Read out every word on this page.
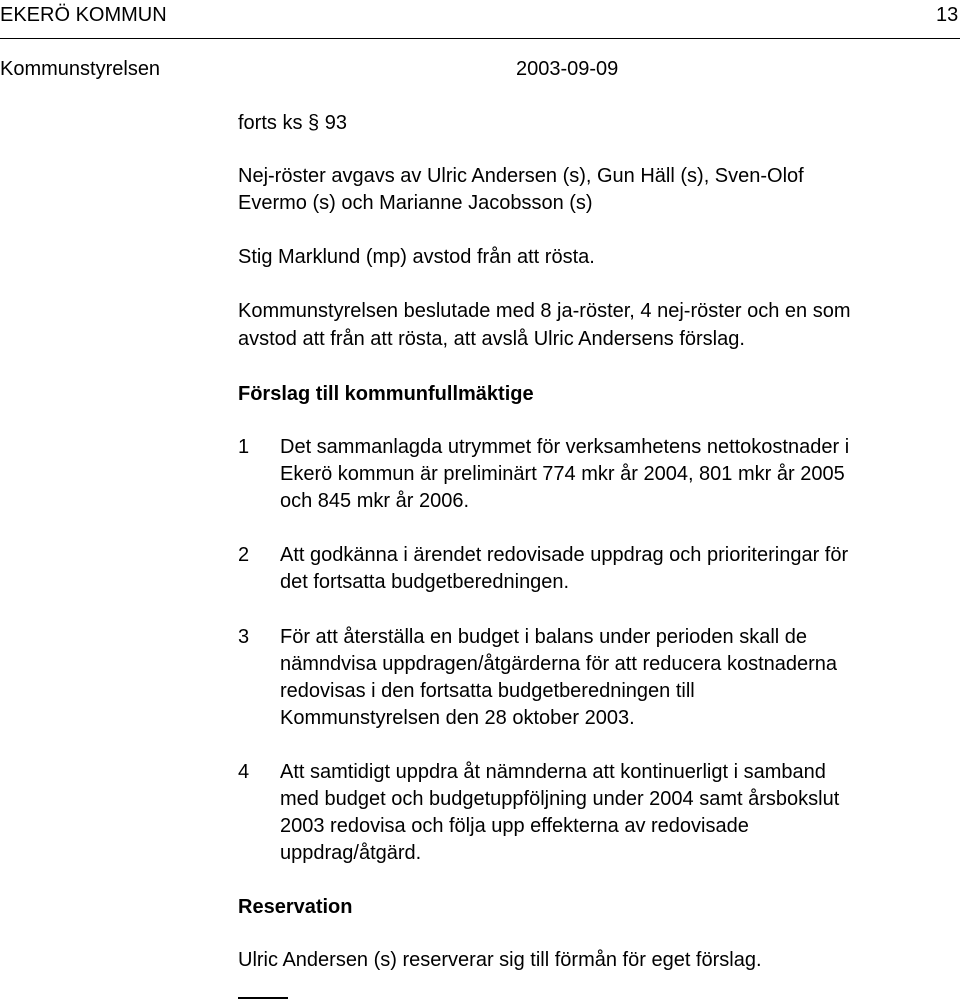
EKERÖ KOMMUN	13
Kommunstyrelsen	2003-09-09
forts ks § 93
Nej-röster avgavs av Ulric Andersen (s), Gun Häll (s), Sven-Olof
Evermo (s) och Marianne Jacobsson (s)
Stig Marklund (mp) avstod från att rösta.
Kommunstyrelsen beslutade med 8 ja-röster, 4 nej-röster och en som
avstod att från att rösta, att avslå Ulric Andersens förslag.
Förslag till kommunfullmäktige
1 Det sammanlagda utrymmet för verksamhetens nettokostnader i
Ekerö kommun är preliminärt 774 mkr år 2004, 801 mkr år 2005
och 845 mkr år 2006.
2 Att godkänna i ärendet redovisade uppdrag och prioriteringar för
det fortsatta budgetberedningen.
3 För att återställa en budget i balans under perioden skall de
nämndvisa uppdragen/åtgärderna för att reducera kostnaderna
redovisas i den fortsatta budgetberedningen till
Kommunstyrelsen den 28 oktober 2003.
4 Att samtidigt uppdra åt nämnderna att kontinuerligt i samband
med budget och budgetuppföljning under 2004 samt årsbokslut
2003 redovisa och följa upp effekterna av redovisade
uppdrag/åtgärd.
Reservation
Ulric Andersen (s) reserverar sig till förmån för eget förslag.
